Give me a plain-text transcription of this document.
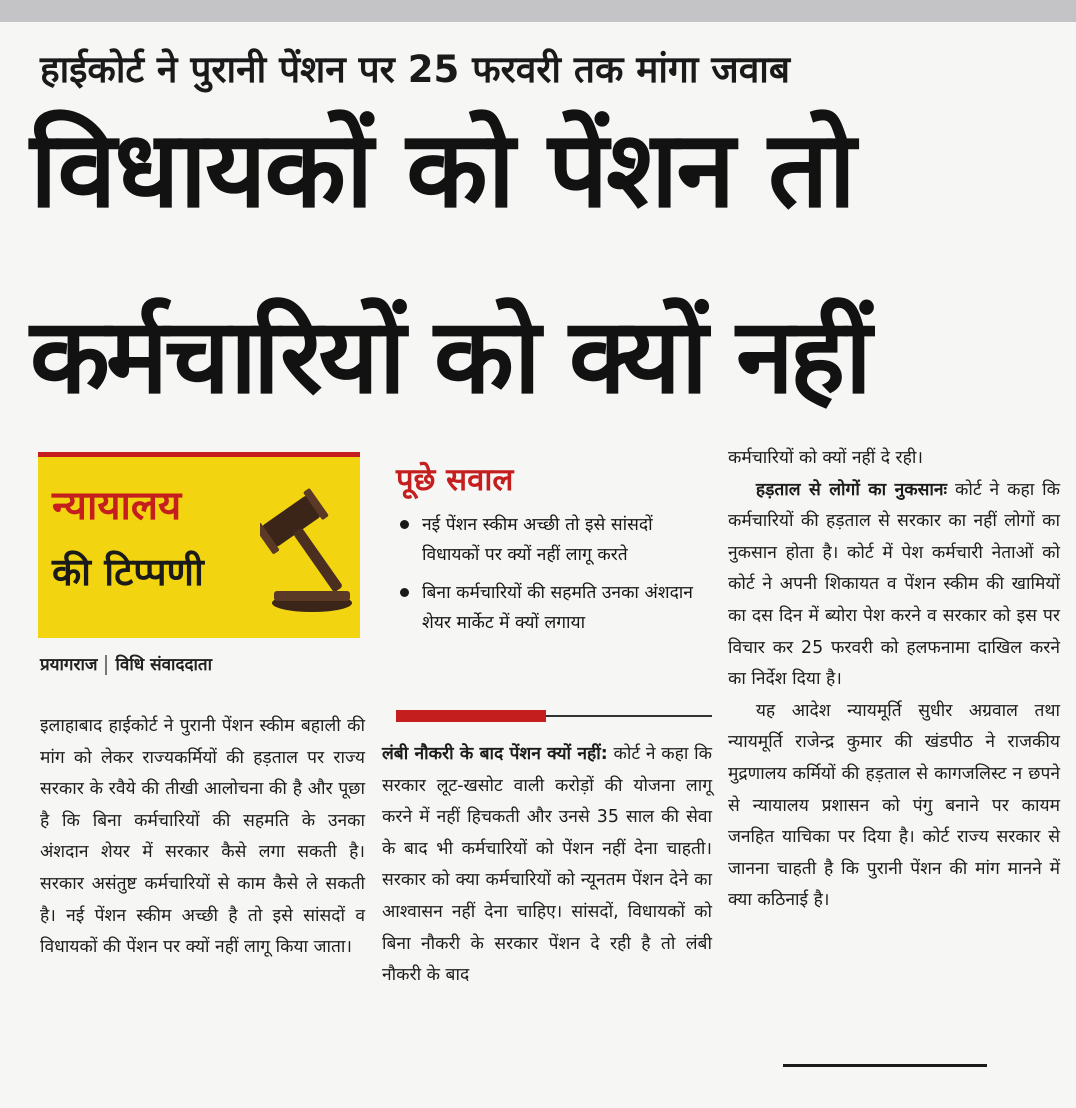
हाईकोर्ट ने पुरानी पेंशन पर 25 फरवरी तक मांगा जवाब
विधायकों को पेंशन तो
कर्मचारियों को क्यों नहीं
न्यायालय
की टिप्पणी
प्रयागराज विधि संवाददाता

इलाहाबाद हाईकोर्ट ने पुरानी पेंशन स्कीम बहाली की मांग को लेकर राज्यकर्मियों की हड़ताल पर राज्य सरकार के रवैये की तीखी आलोचना की है और पूछा है कि बिना कर्मचारियों की सहमति के उनका अंशदान शेयर में सरकार कैसे लगा सकती है। सरकार असंतुष्ट कर्मचारियों से काम कैसे ले सकती है। नई पेंशन स्कीम अच्छी है तो इसे सांसदों व विधायकों की पेंशन पर क्यों नहीं लागू किया जाता।

पूछे सवाल
नई पेंशन स्कीम अच्छी तो इसे सांसदों विधायकों पर क्यों नहीं लागू करते
बिना कर्मचारियों की सहमति उनका अंशदान शेयर मार्केट में क्यों लगाया

लंबी नौकरी के बाद पेंशन क्यों नहीं: कोर्ट ने कहा कि सरकार लूट-खसोट वाली करोड़ों की योजना लागू करने में नहीं हिचकती और उनसे 35 साल की सेवा के बाद भी कर्मचारियों को पेंशन नहीं देना चाहती। सरकार को क्या कर्मचारियों को न्यूनतम पेंशन देने का आश्वासन नहीं देना चाहिए। सांसदों, विधायकों को बिना नौकरी के सरकार पेंशन दे रही है तो लंबी नौकरी के बाद

कर्मचारियों को क्यों नहीं दे रही।

हड़ताल से लोगों का नुकसानः कोर्ट ने कहा कि कर्मचारियों की हड़ताल से सरकार का नहीं लोगों का नुकसान होता है। कोर्ट में पेश कर्मचारी नेताओं को कोर्ट ने अपनी शिकायत व पेंशन स्कीम की खामियों का दस दिन में ब्योरा पेश करने व सरकार को इस पर विचार कर 25 फरवरी को हलफनामा दाखिल करने का निर्देश दिया है।

यह आदेश न्यायमूर्ति सुधीर अग्रवाल तथा न्यायमूर्ति राजेन्द्र कुमार की खंडपीठ ने राजकीय मुद्रणालय कर्मियों की हड़ताल से कागजलिस्ट न छपने से न्यायालय प्रशासन को पंगु बनाने पर कायम जनहित याचिका पर दिया है। कोर्ट राज्य सरकार से जानना चाहती है कि पुरानी पेंशन की मांग मानने में क्या कठिनाई है।
